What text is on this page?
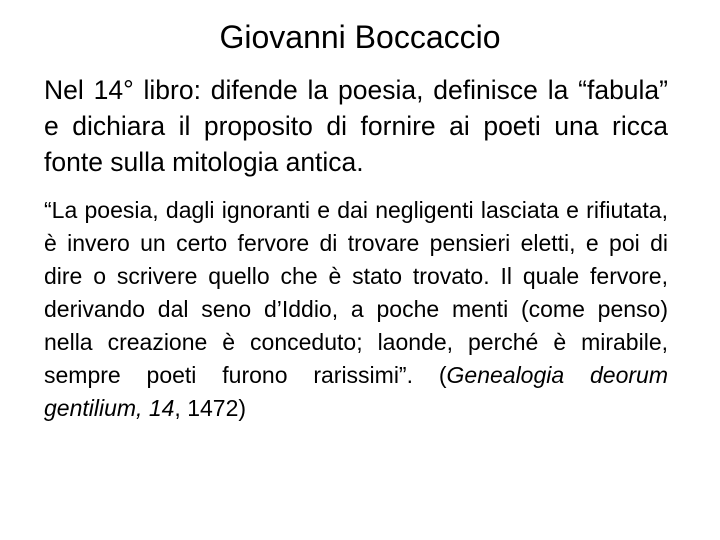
Giovanni Boccaccio

Nel 14° libro: difende la poesia, definisce la “fabula” e dichiara il proposito di fornire ai poeti una ricca fonte sulla mitologia antica.

“La poesia, dagli ignoranti e dai negligenti lasciata e rifiutata, è invero un certo fervore di trovare pensieri eletti, e poi di dire o scrivere quello che è stato trovato. Il quale fervore, derivando dal seno d’Iddio, a poche menti (come penso) nella creazione è conceduto; laonde, perché è mirabile, sempre poeti furono rarissimi”. (Genealogia deorum gentilium, 14, 1472)
